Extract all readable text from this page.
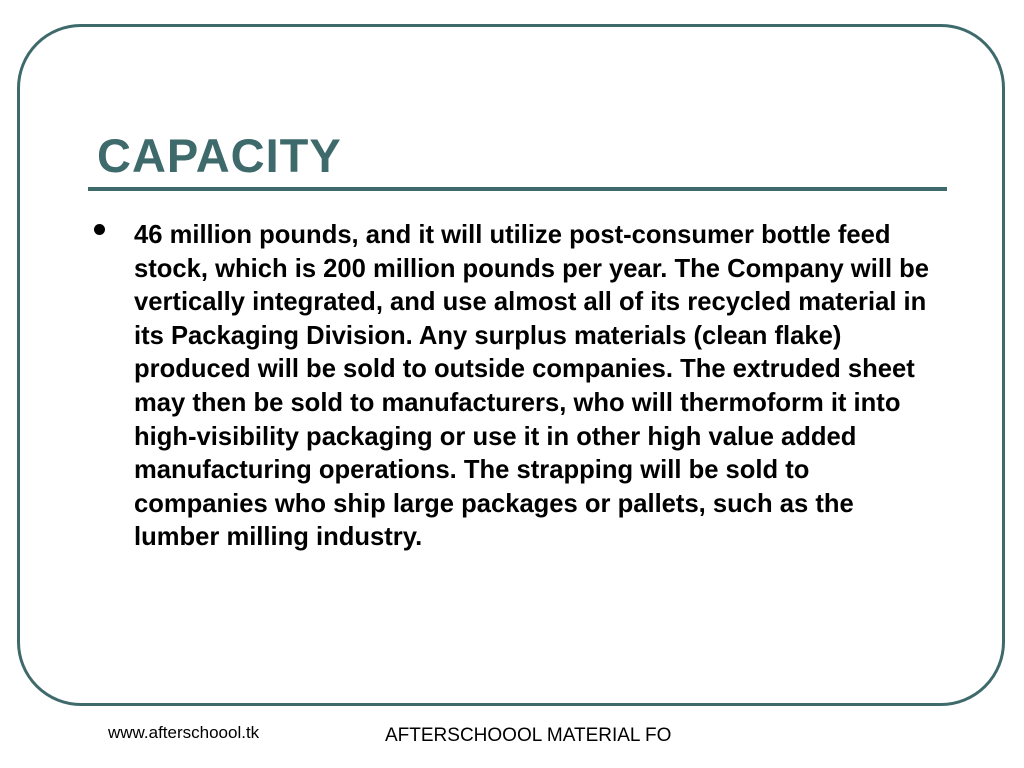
CAPACITY

46 million pounds, and it will utilize post-consumer bottle feed stock, which is 200 million pounds per year. The Company will be vertically integrated, and use almost all of its recycled material in its Packaging Division. Any surplus materials (clean flake) produced will be sold to outside companies. The extruded sheet may then be sold to manufacturers, who will thermoform it into high-visibility packaging or use it in other high value added manufacturing operations. The strapping will be sold to companies who ship large packages or pallets, such as the lumber milling industry.

www.afterschoool.tk	AFTERSCHOOOL MATERIAL FO
